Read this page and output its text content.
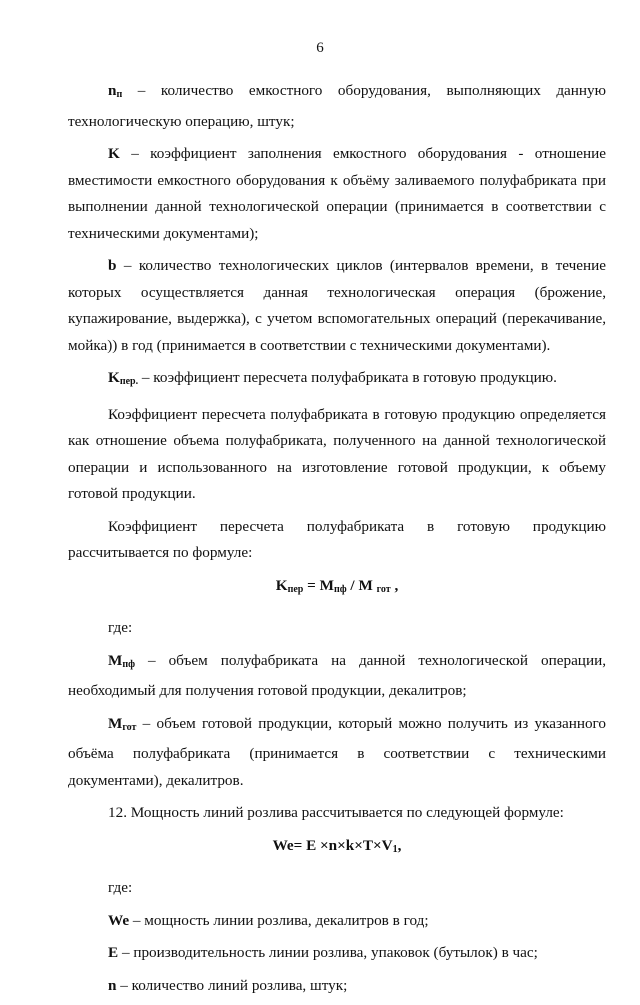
6

$n_п$ – количество емкостного оборудования, выполняющих данную технологическую операцию, штук;

K – коэффициент заполнения емкостного оборудования - отношение вместимости емкостного оборудования к объёму заливаемого полуфабриката при выполнении данной технологической операции (принимается в соответствии с техническими документами);

b – количество технологических циклов (интервалов времени, в течение которых осуществляется данная технологическая операция (брожение, купажирование, выдержка), с учетом вспомогательных операций (перекачивание, мойка)) в год (принимается в соответствии с техническими документами).

$K_{пер.}$ – коэффициент пересчета полуфабриката в готовую продукцию.

Коэффициент пересчета полуфабриката в готовую продукцию определяется как отношение объема полуфабриката, полученного на данной технологической операции и использованного на изготовление готовой продукции, к объему готовой продукции.

Коэффициент пересчета полуфабриката в готовую продукцию рассчитывается по формуле:

$K_{пер} = M_{пф} / M$ $_{гот}$ ,

где:

$M_{пф}$ – объем полуфабриката на данной технологической операции, необходимый для получения готовой продукции, декалитров;

$M_{гот}$ – объем готовой продукции, который можно получить из указанного объёма полуфабриката (принимается в соответствии с техническими документами), декалитров.

12. Мощность линий розлива рассчитывается по следующей формуле:

$We= E \times n\times k\times T\times V_1$,

где:

We – мощность линии розлива, декалитров в год;

E – производительность линии розлива, упаковок (бутылок) в час;

n – количество линий розлива, штук;
